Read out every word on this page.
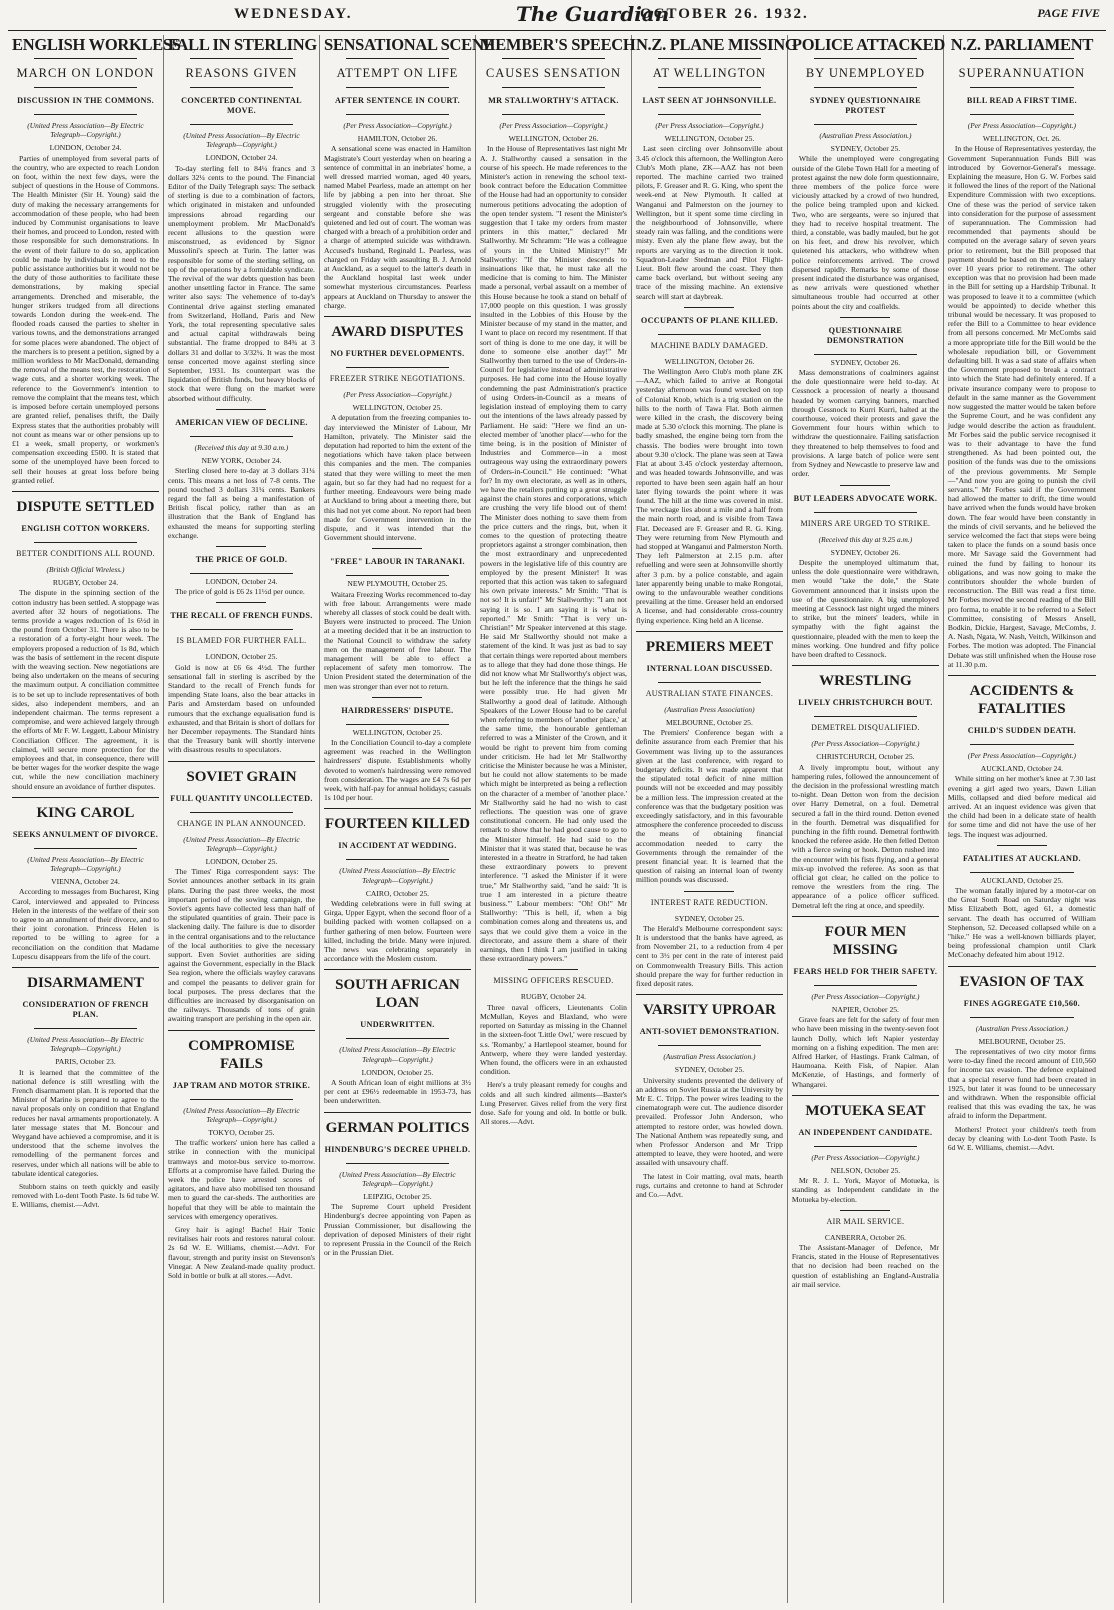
WEDNESDAY.	The Guardian
OCTOBER 26. 1932.	PAGE FIVE
ENGLISH WORKLESS
MARCH ON LONDON
DISCUSSION IN THE COMMONS.
(United Press Association—By Electric Telegraph—Copyright.)
LONDON, October 24.
Parties of unemployed from several parts of the country, who are expected to reach London on foot, within the next few days, were the subject of questions in the House of Commons. The Health Minister (Sir H. Young) said the duty of making the necessary arrangements for accommodation of these people, who had been induced by Communist organisations to leave their homes, and proceed to London, rested with those responsible for such demonstrations. In the event of their failure to do so, application could be made by individuals in need to the public assistance authorities but it would not be the duty of those authorities to facilitate these demonstrations, by making special arrangements. Drenched and miserable, the hunger strikers trudged from all directions towards London during the week-end. The flooded roads caused the parties to shelter in various towns, and the demonstrations arranged for some places were abandoned. The object of the marchers is to present a petition, signed by a million workless to Mr MacDonald, demanding the removal of the means test, the restoration of wage cuts, and a shorter working week. The reference to the Government's intention to remove the complaint that the means test, which is imposed before certain unemployed persons are granted relief, penalises thrift, the Daily Express states that the authorities probably will not count as means war or other pensions up to £1 a week, small property, or workmen's compensation exceeding £500. It is stated that some of the unemployed have been forced to sell their houses at great loss before being granted relief.
DISPUTE SETTLED
ENGLISH COTTON WORKERS.
BETTER CONDITIONS ALL ROUND.
(British Official Wireless.)
RUGBY, October 24.
The dispute in the spinning section of the cotton industry has been settled. A stoppage was averted after 32 hours of negotiations. The terms provide a wages reduction of 1s 6½d in the pound from October 31. There is also to be a restoration of a forty-eight hour week. The employers proposed a reduction of 1s 8d, which was the basis of settlement in the recent dispute with the weaving section. New negotiations are being also undertaken on the means of securing the maximum output. A conciliation committee is to be set up to include representatives of both sides, also independent members, and an independent chairman. The terms represent a compromise, and were achieved largely through the efforts of Mr F. W. Leggett, Labour Ministry Conciliation Officer. The agreement, it is claimed, will secure more protection for the employees and that, in consequence, there will be better wages for the worker despite the wage cut, while the new conciliation machinery should ensure an avoidance of further disputes.
KING CAROL
SEEKS ANNULMENT OF DIVORCE.
(United Press Association—By Electric Telegraph—Copyright.)
VIENNA, October 24.
According to messages from Bucharest, King Carol, interviewed and appealed to Princess Helen in the interests of the welfare of their son to agree to an annulment of their divorce, and to their joint coronation. Princess Helen is reported to be willing to agree for a reconciliation on the condition that Madame Lupescu disappears from the life of the court.
DISARMAMENT
CONSIDERATION OF FRENCH PLAN.
(United Press Association—By Electric Telegraph—Copyright.)
PARIS, October 23.
It is learned that the committee of the national defence is still wrestling with the French disarmament plan. It is reported that the Minister of Marine is prepared to agree to the naval proposals only on condition that England reduces her naval armaments proportionately. A later message states that M. Boncour and Weygand have achieved a compromise, and it is understood that the scheme involves the remodelling of the permanent forces and reserves, under which all nations will be able to tabulate identical categories.
Stubborn stains on teeth quickly and easily removed with Lo-dent Tooth Paste. Is 6d tube W. E. Williams, chemist.—Advt.
FALL IN STERLING
REASONS GIVEN
CONCERTED CONTINENTAL MOVE.
(United Press Association—By Electric Telegraph—Copyright.)
LONDON, October 24.
To-day sterling fell to 84¼ francs and 3 dollars 32¼ cents to the pound. The Financial Editor of the Daily Telegraph says: The setback of sterling is due to a combination of factors, which originated in mistaken and unfounded impressions abroad regarding our unemployment problem. Mr MacDonald's recent allusions to the question were misconstrued, as evidenced by Signor Mussolini's speech at Turin. The latter was responsible for some of the sterling selling, on top of the operations by a formidable syndicate. The revival of the war debts question has been another unsettling factor in France. The same writer also says: The vehemence of to-day's Continental drive against sterling emanated from Switzerland, Holland, Paris and New York, the total representing speculative sales and actual capital withdrawals being substantial. The frame dropped to 84¾ at 3 dollars 31 and dollar to 3/32¼. It was the most tense concerted move against sterling since September, 1931. Its counterpart was the liquidation of British funds, but heavy blocks of stock that were flung on the market were absorbed without difficulty.
AMERICAN VIEW OF DECLINE.
(Received this day at 9.30 a.m.)
NEW YORK, October 24.
Sterling closed here to-day at 3 dollars 31¼ cents. This means a net loss of 7-8 cents. The pound touched 3 dollars 31¼ cents. Bankers regard the fall as being a manifestation of British fiscal policy, rather than as an illustration that the Bank of England has exhausted the means for supporting sterling exchange.
THE PRICE OF GOLD.
LONDON, October 24.
The price of gold is £6 2s 11½d per ounce.
THE RECALL OF FRENCH FUNDS.
IS BLAMED FOR FURTHER FALL.
LONDON, October 25.
Gold is now at £6 6s 4½d. The further sensational fall in sterling is ascribed by the Standard to the recall of French funds for impending State loans, also the bear attacks in Paris and Amsterdam based on unfounded rumours that the exchange equalisation fund is exhausted, and that Britain is short of dollars for her December repayments. The Standard hints that the Treasury bank will shortly intervene with disastrous results to speculators.
SOVIET GRAIN
FULL QUANTITY UNCOLLECTED.
CHANGE IN PLAN ANNOUNCED.
(United Press Association—By Electric Telegraph—Copyright.)
LONDON, October 25.
The Times' Riga correspondent says: The Soviet announces another setback in its grain plans. During the past three weeks, the most important period of the sowing campaign, the Soviet's agents have collected less than half of the stipulated quantities of grain. Their pace is slackening daily. The failure is due to disorder in the central organisations and to the reluctance of the local authorities to give the necessary support. Even Soviet authorities are siding against the Government, especially in the Black Sea region, where the officials wayley caravans and compel the peasants to deliver grain for local purposes. The press declares that the difficulties are increased by disorganisation on the railways. Thousands of tons of grain awaiting transport are perishing in the open air.
COMPROMISE FAILS
JAP TRAM AND MOTOR STRIKE.
(United Press Association—By Electric Telegraph—Copyright.)
TOKYO, October 25.
The traffic workers' union here has called a strike in connection with the municipal tramways and motor-bus service to-morrow. Efforts at a compromise have failed. During the week the police have arrested scores of agitators, and have also mobilised ten thousand men to guard the car-sheds. The authorities are hopeful that they will be able to maintain the services with emergency operatives.
Grey hair is aging! Bache! Hair Tonic revitalises hair roots and restores natural colour. 2s 6d W. E. Williams, chemist.—Advt. For flavour, strength and purity insist on Stevenson's Vinegar. A New Zealand-made quality product. Sold in bottle or bulk at all stores.—Advt.
SENSATIONAL SCENE
ATTEMPT ON LIFE
AFTER SENTENCE IN COURT.
(Per Press Association—Copyright.)
HAMILTON, October 26.
A sensational scene was enacted in Hamilton Magistrate's Court yesterday when on hearing a sentence of committal in an inebriates' home, a well dressed married woman, aged 40 years, named Mabel Pearless, made an attempt on her life by jabbing a pen into her throat. She struggled violently with the prosecuting sergeant and constable before she was quietened and led out of court. The woman was charged with a breach of a prohibition order and a charge of attempted suicide was withdrawn. Accused's husband, Reginald L. Pearless, was charged on Friday with assaulting B. J. Arnold at Auckland, as a sequel to the latter's death in the Auckland hospital last week under somewhat mysterious circumstances. Pearless appears at Auckland on Thursday to answer the charge.
AWARD DISPUTES
NO FURTHER DEVELOPMENTS.
FREEZER STRIKE NEGOTIATIONS.
(Per Press Association—Copyright.)
WELLINGTON, October 25.
A deputation from the freezing companies to-day interviewed the Minister of Labour, Mr Hamilton, privately. The Minister said the deputation had reported to him the extent of the negotiations which have taken place between this companies and the men. The companies stated that they were willing to meet the men again, but so far they had had no request for a further meeting. Endeavours were being made at Auckland to bring about a meeting there, but this had not yet come about. No report had been made for Government intervention in the dispute, and it was intended that the Government should intervene.
"FREE" LABOUR IN TARANAKI.
NEW PLYMOUTH, October 25.
Waitara Freezing Works recommenced to-day with free labour. Arrangements were made whereby all classes of stock could be dealt with. Buyers were instructed to proceed. The Union at a meeting decided that it be an instruction to the National Council to withdraw the safety men on the management of free labour. The management will be able to effect a replacement of safety men tomorrow. The Union President stated the determination of the men was stronger than ever not to return.
HAIRDRESSERS' DISPUTE.
WELLINGTON, October 25.
In the Conciliation Council to-day a complete agreement was reached in the Wellington hairdressers' dispute. Establishments wholly devoted to women's hairdressing were removed from consideration. The wages are £4 7s 6d per week, with half-pay for annual holidays; casuals 1s 10d per hour.
FOURTEEN KILLED
IN ACCIDENT AT WEDDING.
(United Press Association—By Electric Telegraph—Copyright.)
CAIRO, October 25.
Wedding celebrations were in full swing at Girga, Upper Egypt, when the second floor of a building packed with women collapsed on a further gathering of men below. Fourteen were killed, including the bride. Many were injured. The news was celebrating separately in accordance with the Moslem custom.
SOUTH AFRICAN LOAN
UNDERWRITTEN.
(United Press Association—By Electric Telegraph—Copyright.)
LONDON, October 25.
A South African loan of eight millions at 3½ per cent at £96½ redeemable in 1953-73, has been underwritten.
GERMAN POLITICS
HINDENBURG'S DECREE UPHELD.
(United Press Association—By Electric Telegraph—Copyright.)
LEIPZIG, October 25.
The Supreme Court upheld President Hindenburg's decree appointing von Papen as Prussian Commissioner, but disallowing the deprivation of deposed Ministers of their right to represent Prussia in the Council of the Reich or in the Prussian Diet.
MEMBER'S SPEECH
CAUSES SENSATION
MR STALLWORTHY'S ATTACK.
(Per Press Association—Copyright.)
WELLINGTON, October 26.
In the House of Representatives last night Mr A. J. Stallworthy caused a sensation in the course of his speech. He made references to the Minister's action in renewing the school text-book contract before the Education Committee of the House had had an opportunity to consider numerous petitions advocating the adoption of the open tender system. "I resent the Minister's suggestion that I take my orders from master printers in this matter," declared Mr Stallworthy. Mr Schramm: "He was a colleague of yours in the United Ministry!" Mr Stallworthy: "If the Minister descends to insinuations like that, he must take all the medicine that is coming to him. The Minister made a personal, verbal assault on a member of this House because he took a stand on behalf of 17,000 people on this question. I was grossly insulted in the Lobbies of this House by the Minister because of my stand in the matter, and I want to place on record my resentment. If that sort of thing is done to me one day, it will be done to someone else another day!" Mr Stallworthy then turned to the use of Orders-in-Council for legislative instead of administrative purposes. He had come into the House loyally condemning the past Administration's practice of using Orders-in-Council as a means of legislation instead of employing them to carry out the intentions of the laws already passed by Parliament. He said: "Here we find an un-elected member of 'another place'—who for the time being, is in the position of Minister of Industries and Commerce—in a most outrageous way using the extraordinary powers of Orders-in-Council." He continued: "What for? In my own electorate, as well as in others, we have the retailers putting up a great struggle against the chain stores and corporations, which are crushing the very life blood out of them! The Minister does nothing to save them from the price cutters and the rings, but, when it comes to the question of protecting theatre proprietors against a stronger combination, then the most extraordinary and unprecedented powers in the legislative life of this country are employed by the present Minister! It was reported that this action was taken to safeguard his own private interests." Mr Smith: "That is not so! It is unfair!" Mr Stallworthy: "I am not saying it is so. I am saying it is what is reported." Mr Smith: "That is very un-Christian!" Mr Speaker intervened at this stage. He said Mr Stallworthy should not make a statement of the kind. It was just as bad to say that certain things were reported about members as to allege that they had done those things. He did not know what Mr Stallworthy's object was, but he left the inference that the things he said were possibly true. He had given Mr Stallworthy a good deal of latitude. Although Speakers of the Lower House had to be careful when referring to members of 'another place,' at the same time, the honourable gentleman referred to was a Minister of the Crown, and it would be right to prevent him from coming under criticism. He had let Mr Stallworthy criticise the Minister because he was a Minister, but he could not allow statements to be made which might be interpreted as being a reflection on the character of a member of 'another place.' Mr Stallworthy said he had no wish to cast reflections. The question was one of grave constitutional concern. He had only used the remark to show that he had good cause to go to the Minister himself. He had said to the Minister that it was stated that, because he was interested in a theatre in Stratford, he had taken these extraordinary powers to prevent interference. "I asked the Minister if it were true," Mr Stallworthy said, "and he said: 'It is true I am interested in a picture theatre business.'" Labour members: "Oh! Oh!" Mr Stallworthy: "This is hell, if, when a big combination comes along and threatens us, and says that we could give them a voice in the directorate, and assure them a share of their earnings, then I think I am justified in taking these extraordinary powers."
MISSING OFFICERS RESCUED.
RUGBY, October 24.
Three naval officers, Lieutenants Colin McMullan, Keyes and Blaxland, who were reported on Saturday as missing in the Channel in the sixteen-foot 'Little Owl,' were rescued by s.s. 'Romanby,' a Hartlepool steamer, bound for Antwerp, where they were landed yesterday. When found, the officers were in an exhausted condition.
Here's a truly pleasant remedy for coughs and colds and all such kindred ailments—Baxter's Lung Preserver. Gives relief from the very first dose. Safe for young and old. In bottle or bulk. All stores.—Advt.
N.Z. PLANE MISSING
AT WELLINGTON
LAST SEEN AT JOHNSONVILLE.
(Per Press Association—Copyright.)
WELLINGTON, October 25.
Last seen circling over Johnsonville about 3.45 o'clock this afternoon, the Wellington Aero Club's Moth plane, ZK—AAZ has not been reported. The machine carried two trained pilots, F. Greaser and R. G. King, who spent the week-end at New Plymouth. It called at Wanganui and Palmerston on the journey to Wellington, but it spent some time circling in the neighbourhood of Johnsonville, where steady rain was falling, and the conditions were misty. Even aly the plane flew away, but the reports are varying as to the direction it took. Squadron-Leader Stedman and Pilot Flight-Lieut. Bolt flew around the coast. They then came back overland, but without seeing any trace of the missing machine. An extensive search will start at daybreak.
OCCUPANTS OF PLANE KILLED.
MACHINE BADLY DAMAGED.
WELLINGTON, October 26.
The Wellington Aero Club's moth plane ZK—AAZ, which failed to arrive at Rongotai yesterday afternoon was found wrecked on top of Colonial Knob, which is a trig station on the hills to the north of Tawa Flat. Both airmen were killed in the crash, the discovery being made at 5.30 o'clock this morning. The plane is badly smashed, the engine being torn from the chassis. The bodies were brought into town about 9.30 o'clock. The plane was seen at Tawa Flat at about 3.45 o'clock yesterday afternoon, and was headed towards Johnsonville, and was reported to have been seen again half an hour later flying towards the point where it was found. The hill at the time was covered in mist. The wreckage lies about a mile and a half from the main north road, and is visible from Tawa Flat. Deceased are F. Greaser and R. G. King. They were returning from New Plymouth and had stopped at Wanganui and Palmerston North. They left Palmerston at 2.15 p.m. after refuelling and were seen at Johnsonville shortly after 3 p.m. by a police constable, and again later apparently being unable to make Rongotai, owing to the unfavourable weather conditions prevailing at the time. Greaser held an endorsed A license, and had considerable cross-country flying experience. King held an A license.
PREMIERS MEET
INTERNAL LOAN DISCUSSED.
AUSTRALIAN STATE FINANCES.
(Australian Press Association)
MELBOURNE, October 25.
The Premiers' Conference began with a definite assurance from each Premier that his Government was living up to the assurances given at the last conference, with regard to budgetary deficits. It was made apparent that the stipulated total deficit of nine million pounds will not be exceeded and may possibly be a million less. The impression created at the conference was that the budgetary position was exceedingly satisfactory, and in this favourable atmosphere the conference proceeded to discuss the means of obtaining financial accommodation needed to carry the Governments through the remainder of the present financial year. It is learned that the question of raising an internal loan of twenty million pounds was discussed.
INTEREST RATE REDUCTION.
SYDNEY, October 25.
The Herald's Melbourne correspondent says: It is understood that the banks have agreed, as from November 21, to a reduction from 4 per cent to 3½ per cent in the rate of interest paid on Commonwealth Treasury Bills. This action should prepare the way for further reduction in fixed deposit rates.
VARSITY UPROAR
ANTI-SOVIET DEMONSTRATION.
(Australian Press Association.)
SYDNEY, October 25.
University students prevented the delivery of an address on Soviet Russia at the University by Mr E. C. Tripp. The power wires leading to the cinematograph were cut. The audience disorder prevailed. Professor John Anderson, who attempted to restore order, was howled down. The National Anthem was repeatedly sung, and when Professor Anderson and Mr Tripp attempted to leave, they were hooted, and were assailed with unsavoury chaff.
The latest in Coir matting, oval mats, hearth rugs, curtains and cretonne to hand at Schroder and Co.—Advt.
POLICE ATTACKED
BY UNEMPLOYED
SYDNEY QUESTIONNAIRE PROTEST
(Australian Press Association.)
SYDNEY, October 25.
While the unemployed were congregating outside of the Glebe Town Hall for a meeting of protest against the new dole form questionnaire, three members of the police force were viciously attacked by a crowd of two hundred, the police being trampled upon and kicked. Two, who are sergeants, were so injured that they had to receive hospital treatment. The third, a constable, was badly mauled, but he got on his feet, and drew his revolver, which quietened his attackers, who withdrew when police reinforcements arrived. The crowd dispersed rapidly. Remarks by some of those present indicated the disturbance was organised, as new arrivals were questioned whether simultaneous trouble had occurred at other points about the city and coalfields.
QUESTIONNAIRE DEMONSTRATION
SYDNEY, October 26.
Mass demonstrations of coalminers against the dole questionnaire were held to-day. At Cessnock a procession of nearly a thousand headed by women carrying banners, marched through Cessnock to Kurri Kurri, halted at the courthouse, voiced their protests and gave the Government four hours within which to withdraw the questionnaire. Failing satisfaction they threatened to help themselves to food and provisions. A large batch of police were sent from Sydney and Newcastle to preserve law and order.
BUT LEADERS ADVOCATE WORK.
MINERS ARE URGED TO STRIKE.
(Received this day at 9.25 a.m.)
SYDNEY, October 26.
Despite the unemployed ultimatum that, unless the dole questionnaire were withdrawn, men would "take the dole," the State Government announced that it insists upon the use of the questionnaire. A big unemployed meeting at Cessnock last night urged the miners to strike, but the miners' leaders, while in sympathy with the fight against the questionnaire, pleaded with the men to keep the mines working. One hundred and fifty police have been drafted to Cessnock.
WRESTLING
LIVELY CHRISTCHURCH BOUT.
DEMETREL DISQUALIFIED.
(Per Press Association—Copyright.)
CHRISTCHURCH, October 25.
A lively impromptu bout, without any hampering rules, followed the announcement of the decision in the professional wrestling match to-night. Dean Detton won from the decision over Harry Demetral, on a foul. Demetral secured a fall in the third round. Detton evened in the fourth. Demetral was disqualified for punching in the fifth round. Demetral forthwith knocked the referee aside. He then felled Detton with a fierce swing or hook. Detton rushed into the encounter with his fists flying, and a general mix-up involved the referee. As soon as that official got clear, he called on the police to remove the wrestlers from the ring. The appearance of a police officer sufficed. Demetral left the ring at once, and speedily.
FOUR MEN MISSING
FEARS HELD FOR THEIR SAFETY.
(Per Press Association—Copyright.)
NAPIER, October 25.
Grave fears are felt for the safety of four men who have been missing in the twenty-seven foot launch Dolly, which left Napier yesterday morning on a fishing expedition. The men are: Alfred Harker, of Hastings. Frank Calman, of Haumoana. Keith Fisk, of Napier. Alan McKenzie, of Hastings, and formerly of Whangarei.
MOTUEKA SEAT
AN INDEPENDENT CANDIDATE.
(Per Press Association—Copyright.)
NELSON, October 25.
Mr R. J. L. York, Mayor of Motueka, is standing as Independent candidate in the Motueka by-election.
AIR MAIL SERVICE.
CANBERRA, October 26.
The Assistant-Manager of Defence, Mr Francis, stated in the House of Representatives that no decision had been reached on the question of establishing an England-Australia air mail service.
N.Z. PARLIAMENT
SUPERANNUATION
BILL READ A FIRST TIME.
(Per Press Association—Copyright.)
WELLINGTON, Oct. 26.
In the House of Representatives yesterday, the Government Superannuation Funds Bill was introduced by Governor-General's message. Explaining the measure, Hon G. W. Forbes said it followed the lines of the report of the National Expenditure Commission with two exceptions. One of these was the period of service taken into consideration for the purpose of assessment of superannuation. The Commission had recommended that payments should be computed on the average salary of seven years prior to retirement, but the Bill proposed that payment should be based on the average salary over 10 years prior to retirement. The other exception was that no provision had been made in the Bill for setting up a Hardship Tribunal. It was proposed to leave it to a committee (which would be appointed) to decide whether this tribunal would be necessary. It was proposed to refer the Bill to a Committee to hear evidence from all persons concerned. Mr McCombs said a more appropriate title for the Bill would be the wholesale repudiation bill, or Government defaulting bill. It was a sad state of affairs when the Government proposed to break a contract into which the State had definitely entered. If a private insurance company were to propose to default in the same manner as the Government now suggested the matter would be taken before the Supreme Court, and he was confident any judge would describe the action as fraudulent. Mr Forbes said the public service recognised it was to their advantage to have the fund strengthened. As had been pointed out, the position of the funds was due to the omissions of the previous governments. Mr Semple—"And now you are going to punish the civil servants." Mr Forbes said if the Government had allowed the matter to drift, the time would have arrived when the funds would have broken down. The fear would have been constantly in the minds of civil servants, and he believed the service welcomed the fact that steps were being taken to place the funds on a sound basis once more. Mr Savage said the Government had ruined the fund by failing to honour its obligations, and was now going to make the contributors shoulder the whole burden of reconstruction. The Bill was read a first time. Mr Forbes moved the second reading of the Bill pro forma, to enable it to be referred to a Select Committee, consisting of Messrs Ansell, Bodkin, Dickie, Hargest, Savage, McCombs, J. A. Nash, Ngata, W. Nash, Veitch, Wilkinson and Forbes. The motion was adopted. The Financial Debate was still unfinished when the House rose at 11.30 p.m.
ACCIDENTS & FATALITIES
CHILD'S SUDDEN DEATH.
(Per Press Association—Copyright.)
AUCKLAND, October 24.
While sitting on her mother's knee at 7.30 last evening a girl aged two years, Dawn Lilian Mills, collapsed and died before medical aid arrived. At an inquest evidence was given that the child had been in a delicate state of health for some time and did not have the use of her legs. The inquest was adjourned.
FATALITIES AT AUCKLAND.
AUCKLAND, October 25.
The woman fatally injured by a motor-car on the Great South Road on Saturday night was Miss Elizabeth Bott, aged 61, a domestic servant. The death has occurred of William Stephenson, 52. Deceased collapsed while on a "hike." He was a well-known billiards player, being professional champion until Clark McConachy defeated him about 1912.
EVASION OF TAX
FINES AGGREGATE £10,560.
(Australian Press Association.)
MELBOURNE, October 25.
The representatives of two city motor firms were to-day fined the record amount of £10,560 for income tax evasion. The defence explained that a special reserve fund had been created in 1925, but later it was found to be unnecessary and withdrawn. When the responsible official realised that this was evading the tax, he was afraid to inform the Department.
Mothers! Protect your children's teeth from decay by cleaning with Lo-dent Tooth Paste. Is 6d W. E. Williams, chemist.—Advt.
